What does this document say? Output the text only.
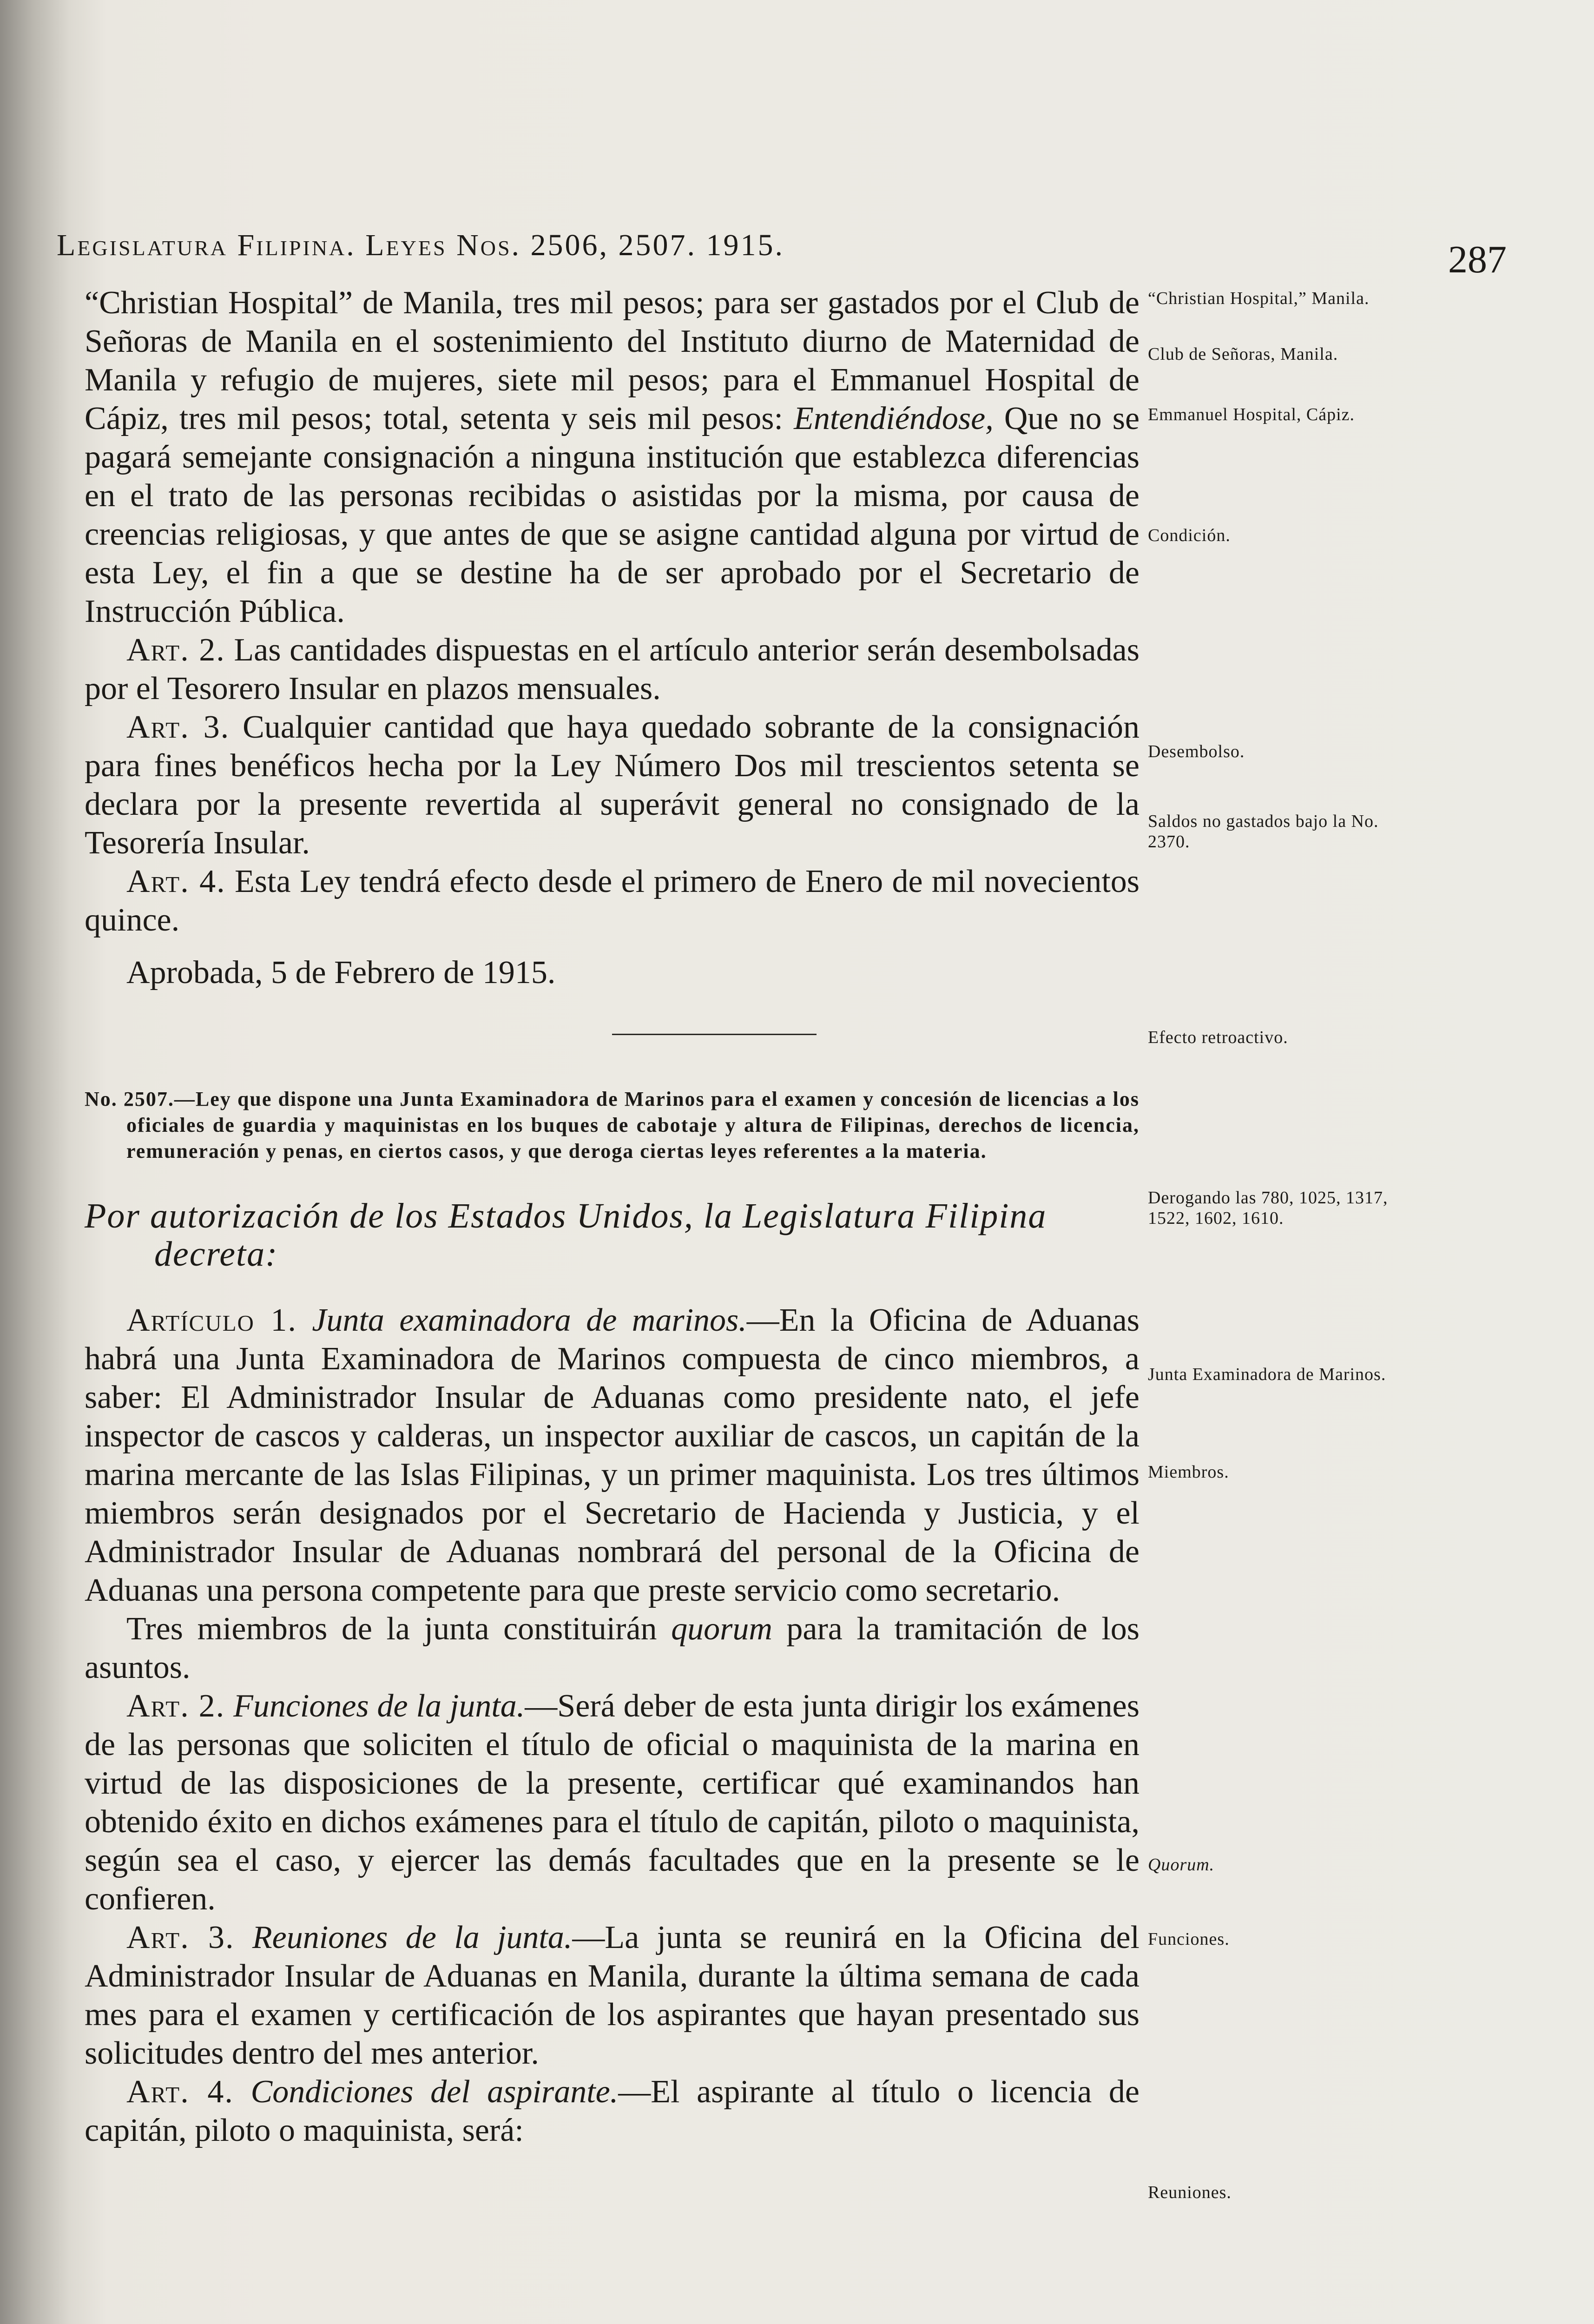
Legislatura Filipina. Leyes Nos. 2506, 2507. 1915.	287

“Christian Hospital” de Manila, tres mil pesos; para ser gastados por el Club de Señoras de Manila en el sostenimiento del Instituto diurno de Maternidad de Manila y refugio de mujeres, siete mil pesos; para el Emmanuel Hospital de Cápiz, tres mil pesos; total, setenta y seis mil pesos: Entendiéndose, Que no se pagará semejante consignación a ninguna institución que establezca diferencias en el trato de las personas recibidas o asistidas por la misma, por causa de creencias religiosas, y que antes de que se asigne cantidad alguna por virtud de esta Ley, el fin a que se destine ha de ser aprobado por el Secretario de Instrucción Pública.

Art. 2. Las cantidades dispuestas en el artículo anterior serán desembolsadas por el Tesorero Insular en plazos mensuales.

Art. 3. Cualquier cantidad que haya quedado sobrante de la consignación para fines benéficos hecha por la Ley Número Dos mil trescientos setenta se declara por la presente revertida al superávit general no consignado de la Tesorería Insular.

Art. 4. Esta Ley tendrá efecto desde el primero de Enero de mil novecientos quince.

Aprobada, 5 de Febrero de 1915.

No. 2507.—Ley que dispone una Junta Examinadora de Marinos para el examen y concesión de licencias a los oficiales de guardia y maquinistas en los buques de cabotaje y altura de Filipinas, derechos de licencia, remuneración y penas, en ciertos casos, y que deroga ciertas leyes referentes a la materia.
Por autorización de los Estados Unidos, la Legislatura Filipina decreta:

Artículo 1. Junta examinadora de marinos.—En la Oficina de Aduanas habrá una Junta Examinadora de Marinos compuesta de cinco miembros, a saber: El Administrador Insular de Aduanas como presidente nato, el jefe inspector de cascos y calderas, un inspector auxiliar de cascos, un capitán de la marina mercante de las Islas Filipinas, y un primer maquinista. Los tres últimos miembros serán designados por el Secretario de Hacienda y Justicia, y el Administrador Insular de Aduanas nombrará del personal de la Oficina de Aduanas una persona competente para que preste servicio como secretario.

Tres miembros de la junta constituirán quorum para la tramitación de los asuntos.

Art. 2. Funciones de la junta.—Será deber de esta junta dirigir los exámenes de las personas que soliciten el título de oficial o maquinista de la marina en virtud de las disposiciones de la presente, certificar qué examinandos han obtenido éxito en dichos exámenes para el título de capitán, piloto o maquinista, según sea el caso, y ejercer las demás facultades que en la presente se le confieren.

Art. 3. Reuniones de la junta.—La junta se reunirá en la Oficina del Administrador Insular de Aduanas en Manila, durante la última semana de cada mes para el examen y certificación de los aspirantes que hayan presentado sus solicitudes dentro del mes anterior.

Art. 4. Condiciones del aspirante.—El aspirante al título o licencia de capitán, piloto o maquinista, será:

“Christian Hospital,” Manila.
Club de Señoras, Manila.
Emmanuel Hospital, Cápiz.
Condición.
Desembolso.
Saldos no gastados bajo la No. 2370.
Efecto retroactivo.
Derogando las 780, 1025, 1317, 1522, 1602, 1610.
Junta Examinadora de Marinos.
Miembros.
Quorum.
Funciones.
Reuniones.
